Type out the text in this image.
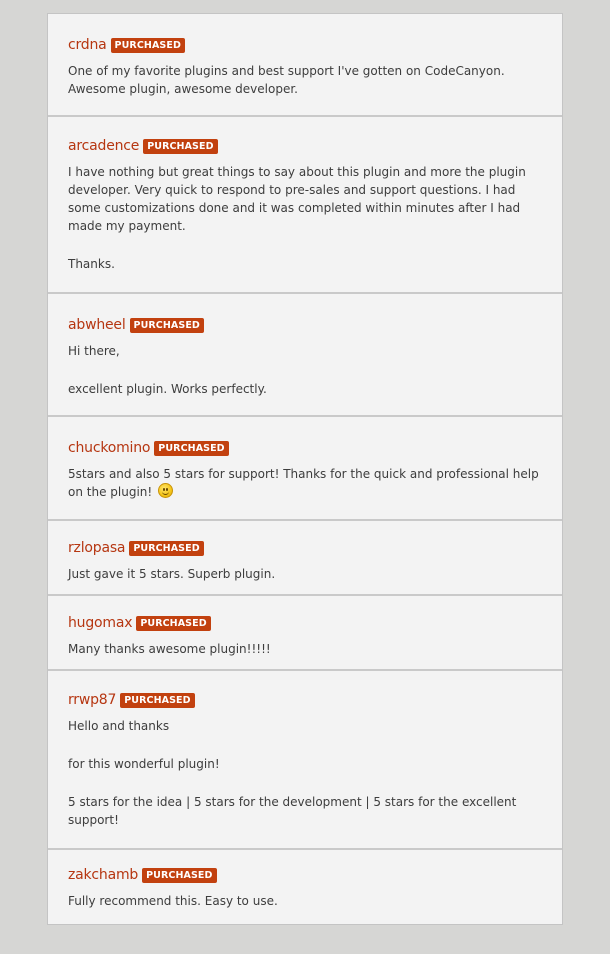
crdna PURCHASED

One of my favorite plugins and best support I've gotten on CodeCanyon. Awesome plugin, awesome developer.

arcadence PURCHASED

I have nothing but great things to say about this plugin and more the plugin developer. Very quick to respond to pre-sales and support questions. I had some customizations done and it was completed within minutes after I had made my payment.

Thanks.

abwheel PURCHASED

Hi there,

excellent plugin. Works perfectly.

chuckomino PURCHASED

5stars and also 5 stars for support! Thanks for the quick and professional help on the plugin!

rzlopasa PURCHASED

Just gave it 5 stars. Superb plugin.

hugomax PURCHASED

Many thanks awesome plugin!!!!!

rrwp87 PURCHASED

Hello and thanks

for this wonderful plugin!

5 stars for the idea | 5 stars for the development | 5 stars for the excellent support!

zakchamb PURCHASED

Fully recommend this. Easy to use.
